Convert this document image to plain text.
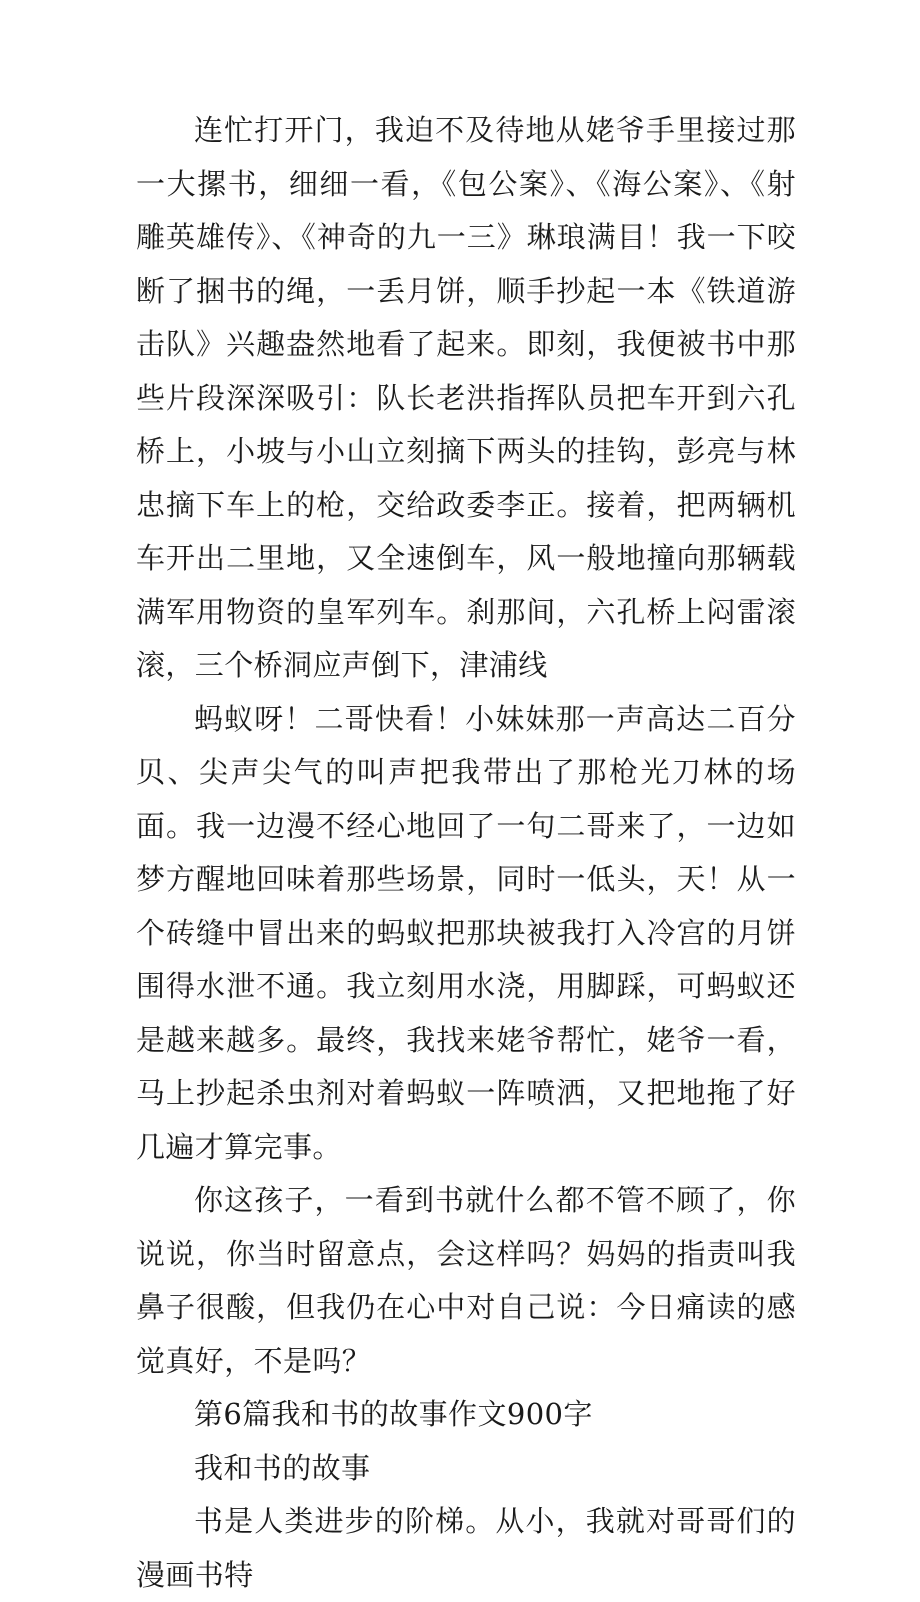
连忙打开门，我迫不及待地从姥爷手里接过那一大摞书，细细一看，《包公案》、《海公案》、《射雕英雄传》、《神奇的九一三》琳琅满目！我一下咬断了捆书的绳，一丢月饼，顺手抄起一本《铁道游击队》兴趣盎然地看了起来。即刻，我便被书中那些片段深深吸引：队长老洪指挥队员把车开到六孔桥上，小坡与小山立刻摘下两头的挂钩，彭亮与林忠摘下车上的枪，交给政委李正。接着，把两辆机车开出二里地，又全速倒车，风一般地撞向那辆载满军用物资的皇军列车。刹那间，六孔桥上闷雷滚滚，三个桥洞应声倒下，津浦线

蚂蚁呀！二哥快看！小妹妹那一声高达二百分贝、尖声尖气的叫声把我带出了那枪光刀林的场面。我一边漫不经心地回了一句二哥来了，一边如梦方醒地回味着那些场景，同时一低头，天！从一个砖缝中冒出来的蚂蚁把那块被我打入冷宫的月饼围得水泄不通。我立刻用水浇，用脚踩，可蚂蚁还是越来越多。最终，我找来姥爷帮忙，姥爷一看，马上抄起杀虫剂对着蚂蚁一阵喷洒，又把地拖了好几遍才算完事。

你这孩子，一看到书就什么都不管不顾了，你说说，你当时留意点，会这样吗？妈妈的指责叫我鼻子很酸，但我仍在心中对自己说：今日痛读的感觉真好，不是吗？

第6篇我和书的故事作文900字

我和书的故事

书是人类进步的阶梯。从小，我就对哥哥们的漫画书特
